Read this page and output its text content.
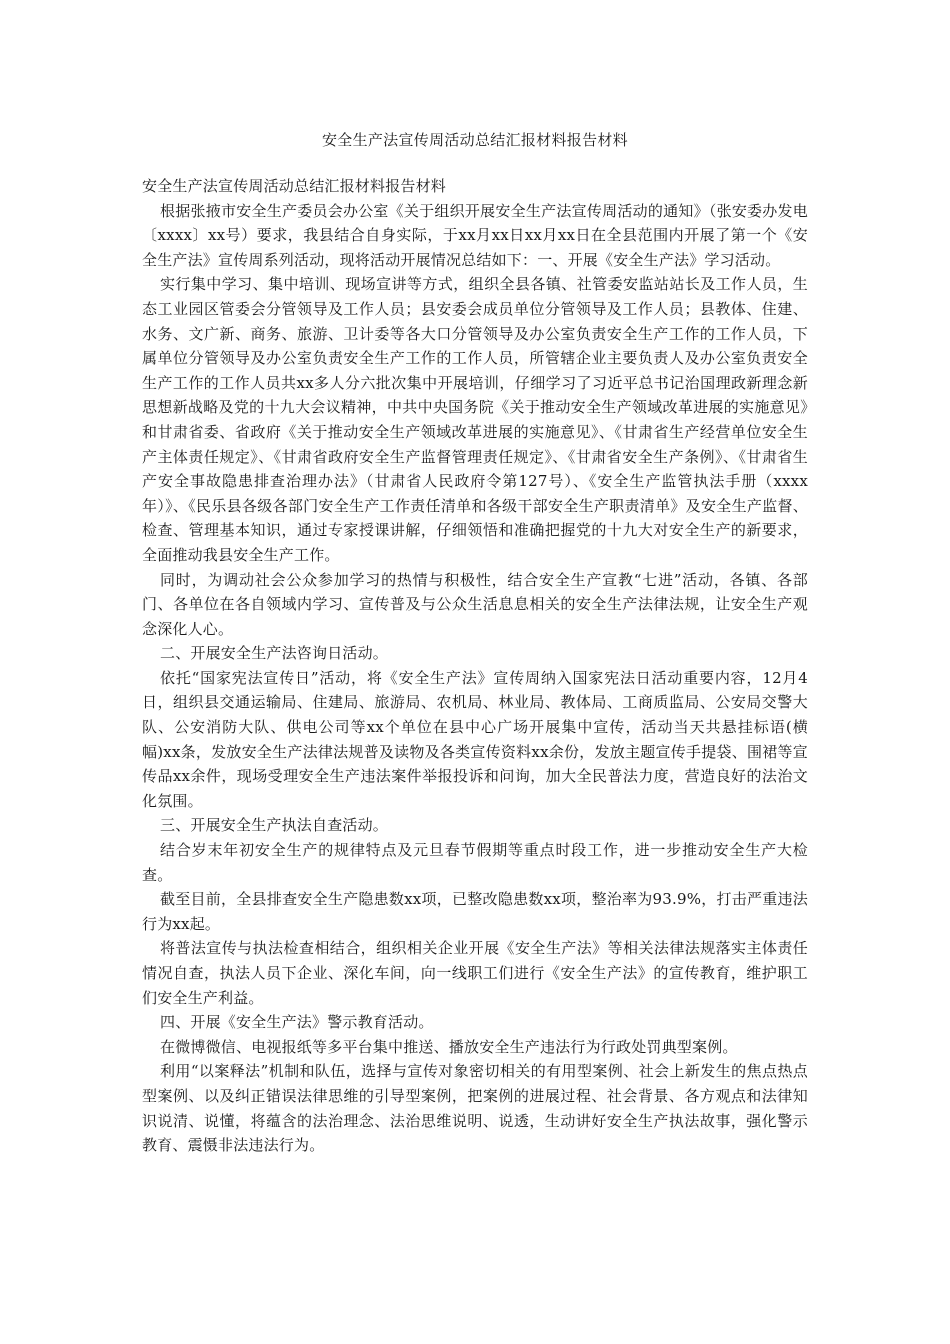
安全生产法宣传周活动总结汇报材料报告材料

安全生产法宣传周活动总结汇报材料报告材料

根据张掖市安全生产委员会办公室《关于组织开展安全生产法宣传周活动的通知》（张安委办发电〔xxxx〕xx号）要求，我县结合自身实际，于xx月xx日xx月xx日在全县范围内开展了第一个《安全生产法》宣传周系列活动，现将活动开展情况总结如下：一、开展《安全生产法》学习活动。

实行集中学习、集中培训、现场宣讲等方式，组织全县各镇、社管委安监站站长及工作人员，生态工业园区管委会分管领导及工作人员；县安委会成员单位分管领导及工作人员；县教体、住建、水务、文广新、商务、旅游、卫计委等各大口分管领导及办公室负责安全生产工作的工作人员，下属单位分管领导及办公室负责安全生产工作的工作人员，所管辖企业主要负责人及办公室负责安全生产工作的工作人员共xx多人分六批次集中开展培训，仔细学习了习近平总书记治国理政新理念新思想新战略及党的十九大会议精神，中共中央国务院《关于推动安全生产领域改革进展的实施意见》和甘肃省委、省政府《关于推动安全生产领域改革进展的实施意见》、《甘肃省生产经营单位安全生产主体责任规定》、《甘肃省政府安全生产监督管理责任规定》、《甘肃省安全生产条例》、《甘肃省生产安全事故隐患排查治理办法》（甘肃省人民政府令第127号）、《安全生产监管执法手册（xxxx年）》、《民乐县各级各部门安全生产工作责任清单和各级干部安全生产职责清单》及安全生产监督、检查、管理基本知识，通过专家授课讲解，仔细领悟和准确把握党的十九大对安全生产的新要求，全面推动我县安全生产工作。

同时，为调动社会公众参加学习的热情与积极性，结合安全生产宣教“七进”活动，各镇、各部门、各单位在各自领域内学习、宣传普及与公众生活息息相关的安全生产法律法规，让安全生产观念深化人心。

二、开展安全生产法咨询日活动。

依托“国家宪法宣传日”活动，将《安全生产法》宣传周纳入国家宪法日活动重要内容，12月4日，组织县交通运输局、住建局、旅游局、农机局、林业局、教体局、工商质监局、公安局交警大队、公安消防大队、供电公司等xx个单位在县中心广场开展集中宣传，活动当天共悬挂标语(横幅)xx条，发放安全生产法律法规普及读物及各类宣传资料xx余份，发放主题宣传手提袋、围裙等宣传品xx余件，现场受理安全生产违法案件举报投诉和问询，加大全民普法力度，营造良好的法治文化氛围。

三、开展安全生产执法自查活动。

结合岁末年初安全生产的规律特点及元旦春节假期等重点时段工作，进一步推动安全生产大检查。

截至目前，全县排查安全生产隐患数xx项，已整改隐患数xx项，整治率为93.9%，打击严重违法行为xx起。

将普法宣传与执法检查相结合，组织相关企业开展《安全生产法》等相关法律法规落实主体责任情况自查，执法人员下企业、深化车间，向一线职工们进行《安全生产法》的宣传教育，维护职工们安全生产利益。

四、开展《安全生产法》警示教育活动。

在微博微信、电视报纸等多平台集中推送、播放安全生产违法行为行政处罚典型案例。

利用“以案释法”机制和队伍，选择与宣传对象密切相关的有用型案例、社会上新发生的焦点热点型案例、以及纠正错误法律思维的引导型案例，把案例的进展过程、社会背景、各方观点和法律知识说清、说懂，将蕴含的法治理念、法治思维说明、说透，生动讲好安全生产执法故事，强化警示教育、震慑非法违法行为。
